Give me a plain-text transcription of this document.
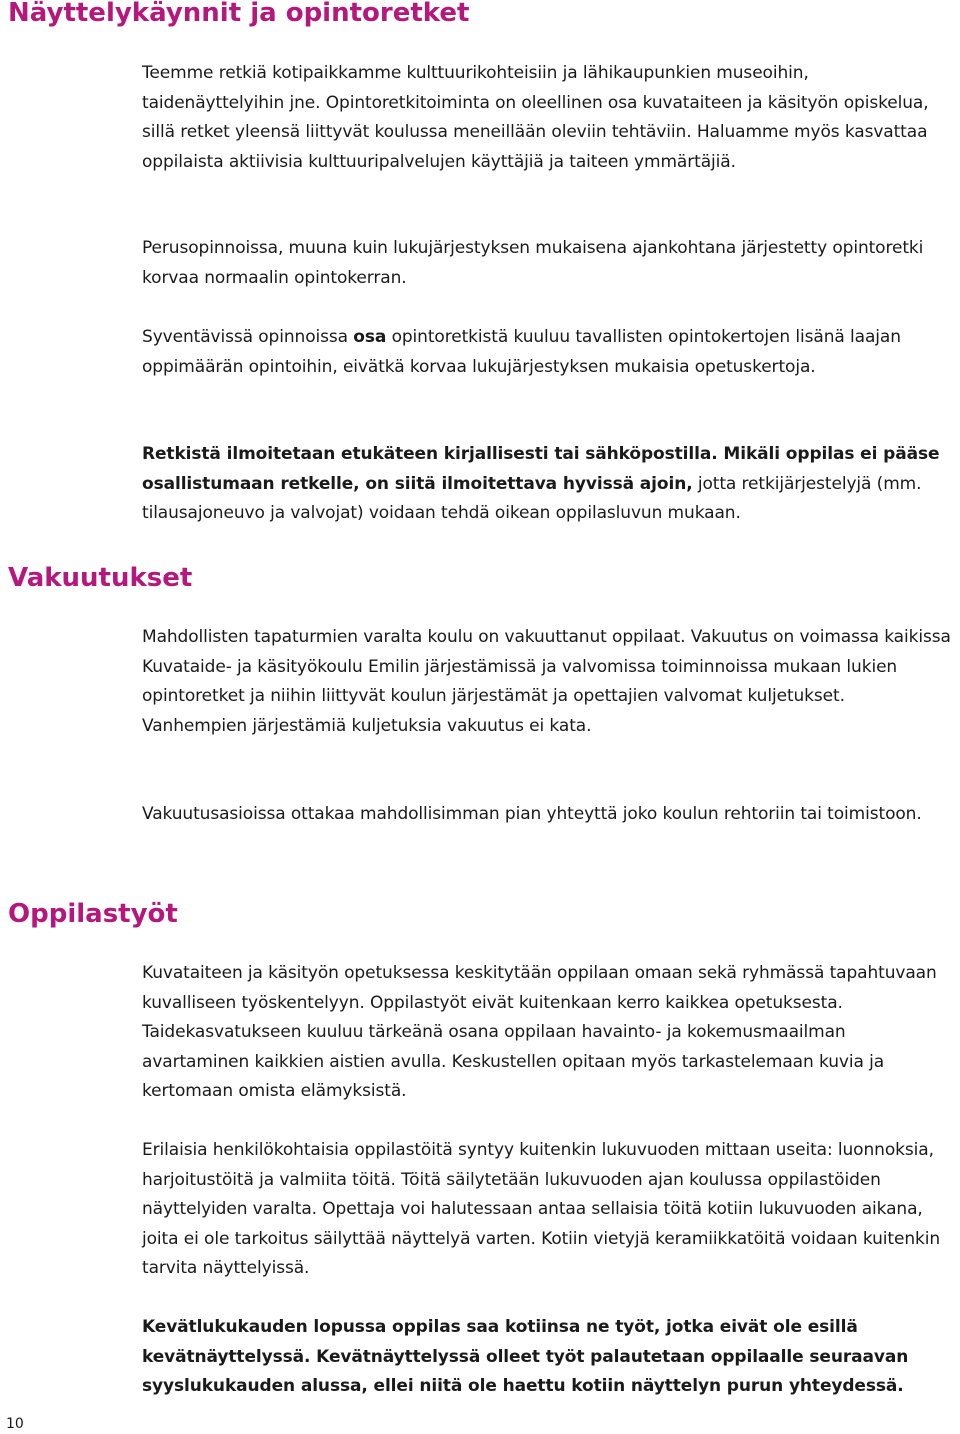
Näyttelykäynnit ja opintoretket

Teemme retkiä kotipaikkamme kulttuurikohteisiin ja lähikaupunkien museoihin, taidenäyttelyihin jne. Opintoretkitoiminta on oleellinen osa kuvataiteen ja käsityön opiskelua, sillä retket yleensä liittyvät koulussa meneillään oleviin tehtäviin. Haluamme myös kasvattaa oppilaista aktiivisia kulttuuripalvelujen käyttäjiä ja taiteen ymmärtäjiä.

Perusopinnoissa, muuna kuin lukujärjestyksen mukaisena ajankohtana järjestetty opintoretki korvaa normaalin opintokerran.

Syventävissä opinnoissa osa opintoretkistä kuuluu tavallisten opintokertojen lisänä laajan oppimäärän opintoihin, eivätkä korvaa lukujärjestyksen mukaisia opetuskertoja.

Retkistä ilmoitetaan etukäteen kirjallisesti tai sähköpostilla. Mikäli oppilas ei pääse osallistumaan retkelle, on siitä ilmoitettava hyvissä ajoin, jotta retkijärjestelyjä (mm. tilausajoneuvo ja valvojat) voidaan tehdä oikean oppilasluvun mukaan.

Vakuutukset

Mahdollisten tapaturmien varalta koulu on vakuuttanut oppilaat. Vakuutus on voimassa kaikissa Kuvataide- ja käsityökoulu Emilin järjestämissä ja valvomissa toiminnoissa mukaan lukien opintoretket ja niihin liittyvät koulun järjestämät ja opettajien valvomat kuljetukset. Vanhempien järjestämiä kuljetuksia vakuutus ei kata.

Vakuutusasioissa ottakaa mahdollisimman pian yhteyttä joko koulun rehtoriin tai toimistoon.

Oppilastyöt

Kuvataiteen ja käsityön opetuksessa keskitytään oppilaan omaan sekä ryhmässä tapahtuvaan kuvalliseen työskentelyyn. Oppilastyöt eivät kuitenkaan kerro kaikkea opetuksesta. Taidekasvatukseen kuuluu tärkeänä osana oppilaan havainto- ja kokemusmaailman avartaminen kaikkien aistien avulla. Keskustellen opitaan myös tarkastelemaan kuvia ja kertomaan omista elämyksistä.

Erilaisia henkilökohtaisia oppilastöitä syntyy kuitenkin lukuvuoden mittaan useita: luonnoksia, harjoitustöitä ja valmiita töitä. Töitä säilytetään lukuvuoden ajan koulussa oppilastöiden näyttelyiden varalta. Opettaja voi halutessaan antaa sellaisia töitä kotiin lukuvuoden aikana, joita ei ole tarkoitus säilyttää näyttelyä varten. Kotiin vietyjä keramiikkatöitä voidaan kuitenkin tarvita näyttelyissä.

Kevätlukukauden lopussa oppilas saa kotiinsa ne työt, jotka eivät ole esillä kevätnäyttelyssä. Kevätnäyttelyssä olleet työt palautetaan oppilaalle seuraavan syyslukukauden alussa, ellei niitä ole haettu kotiin näyttelyn purun yhteydessä.

10
